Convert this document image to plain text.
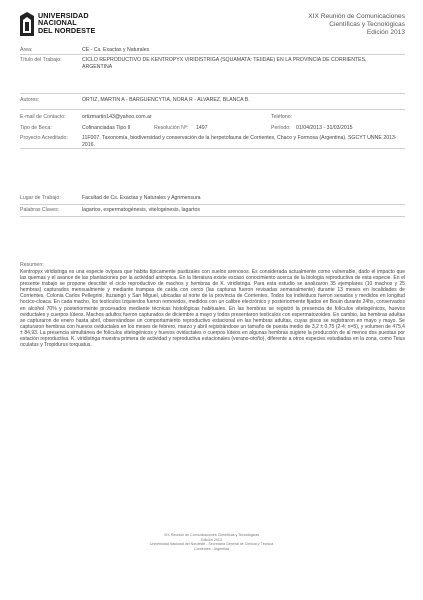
UNIVERSIDAD
NACIONAL
DEL NORDESTE
XIX Reunión de Comunicaciones
Científicas y Tecnológicas
Edición 2013
Área:	CE - Cs. Exactas y Naturales
Título del Trabajo:	CICLO REPRODUCTIVO DE KENTROPYX VIRIDISTRIGA (SQUAMATA: TEIIDAE) EN LA PROVINCIA DE CORRIENTES, ARGENTINA
Autores:	ORTIZ, MARTIN A - BARGUENCYTIA, NORA R - ALVAREZ, BLANCA B.
E-mail de Contacto:	ortizmartin143@yahoo.com.ar	Teléfono:
Tipo de Beca:	Cofinanciadas Tipo II	Resolución Nº: 1497	Período: 01/04/2013 - 31/03/2015
Proyecto Acreditado:	11F007. Taxonomía, biodiversidad y conservación de la herpetofauna de Corrientes, Chaco y Formosa (Argentina). SGCYT UNNE 2013-2016.
Lugar de Trabajo:	Facultad de Cs. Exactas y Naturales y Agrimensura
Palabras Claves:	lagartos, espermatogénesis, vitelogénesis, lagartos
Resumen:
Kentropyx viridistriga es una especie ovípara que habita típicamente pastizales con suelos arenosos. Es considerada actualmente como vulnerable, dado el impacto que las quemas y el avance de las plantaciones por la actividad antrópica. En la literatura existe escaso conocimiento acerca de la biología reproductiva de esta especie. En el presente trabajo se propone describir el ciclo reproductivo de machos y hembras de K. viridistriga. Para esta estudio se analizaron 35 ejemplares (10 machos y 25 hembras) capturados mensualmente y mediante trampas de caída con cerco (las capturas fueron revisadas semanalmente) durante 13 meses en localidades de Corrientes, Colonia Carlos Pellegrini, Ituzaingó y San Miguel, ubicadas al norte de la provincia de Corrientes. Todos los individuos fueron sexados y medidos en longitud hocico-cloaca. En cada macho, los testículos izquierdos fueron removidos, medidos con un calibre electrónico y posteriormente fijados en Bouin durante 24hs, conservados en alcohol 70% y posteriormente procesados mediante técnicas histológicas habituales. En las hembras se registró la presencia de folículos vitelogénicos, huevos oviductales y cuerpos lúteos. Machos adultos fueron capturados de diciembre a mayo y todos presentaron testículos con espermatozoides. En cambio, las hembras adultas se capturaron de enero hasta abril, observándose un comportamiento reproductivo estacional en las hembras adultas, cuyas pisos se registraron en mayo y mayo. Se capturaron hembras con huevos oviductales en los meses de febrero, marzo y abril registrándose un tamaño de puesta medio de 3,2 ± 0,75 (2-4; n=5), y volumen de 475,4 ± 84,93. La presencia simultánea de folículos vitelogénicos y huevos oviductales o cuerpos lúteos en algunas hembras sugiere la producción de al menos dos puestas por estación reproductiva. K. viridistriga muestra primera de actividad y reproductiva estacionales (verano-otoño), diferente a otros especies estudiadas en la zona, como Teius oculatus y Tropidurus torquatus.
XIX Reunión de Comunicaciones Científicas y Tecnológicas
Edición 2013
Universidad Nacional del Nordeste - Secretaría General de Ciencia y Técnica
Corrientes - Argentina
